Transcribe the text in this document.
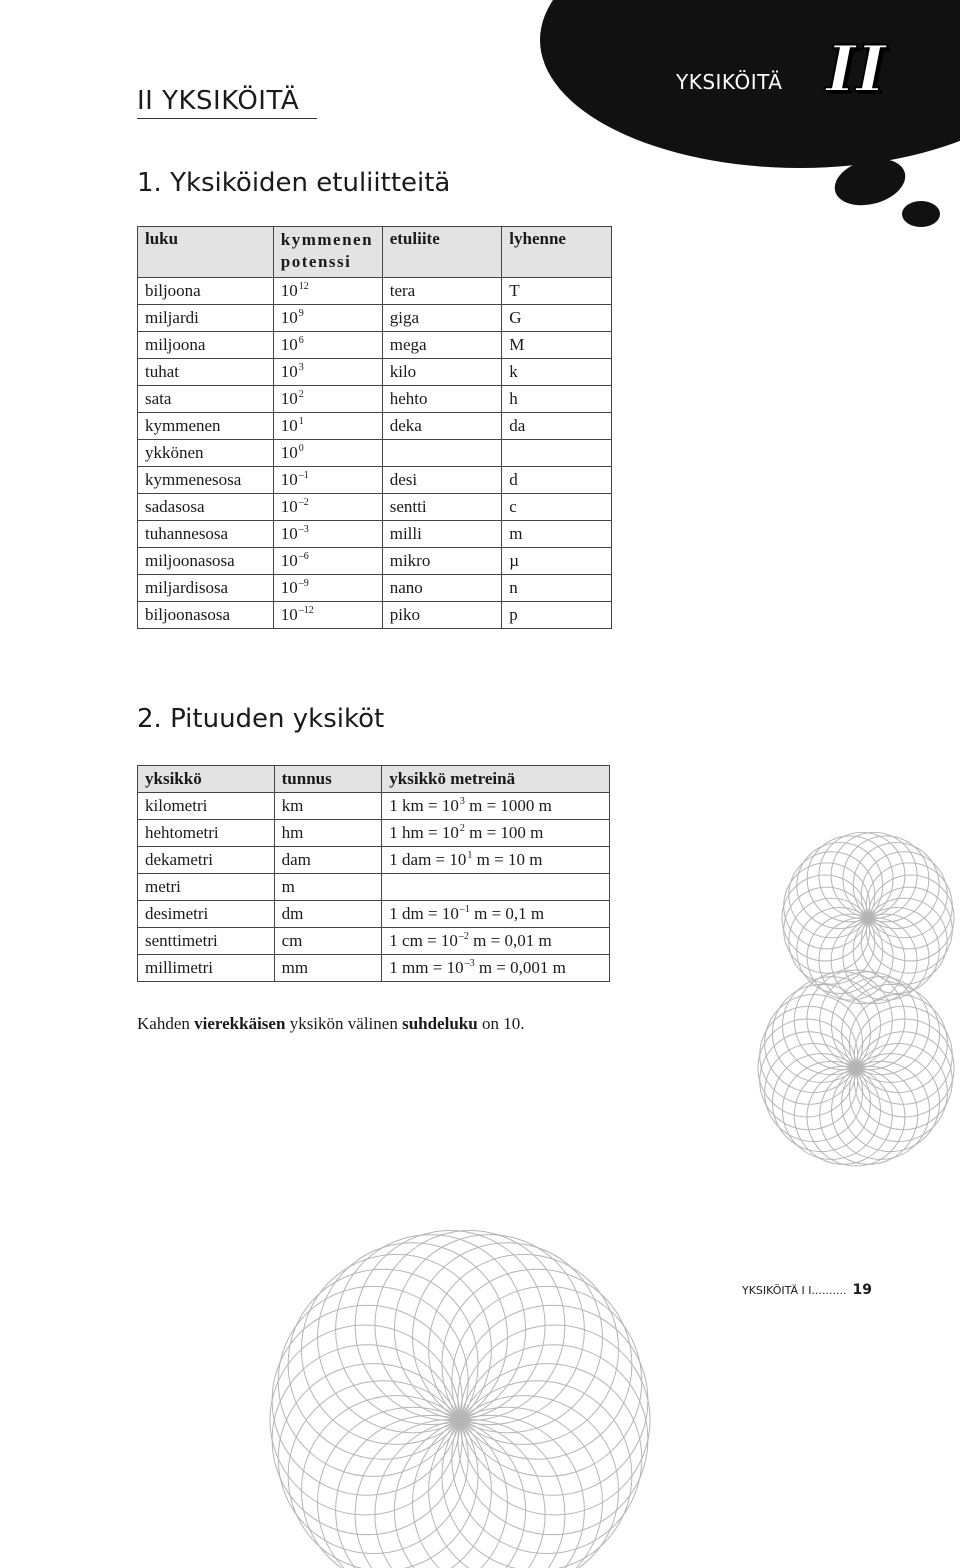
YKSIKÖITÄ II
II YKSIKÖITÄ
1. Yksiköiden etuliitteitä
luku	kymmenen potenssi	etuliite	lyhenne
biljoona	$10^{12}$	tera	T
miljardi	$10^9$	giga	G
miljoona	$10^6$	mega	M
tuhat	$10^3$	kilo	k
sata	$10^2$	hehto	h
kymmenen	$10^1$	deka	da
ykkönen	$10^0$		
kymmenesosa	$10^{-1}$	desi	d
sadasosa	$10^{-2}$	sentti	c
tuhannesosa	$10^{-3}$	milli	m
miljoonasosa	$10^{-6}$	mikro	µ
miljardisosa	$10^{-9}$	nano	n
biljoonasosa	$10^{-12}$	piko	p
2. Pituuden yksiköt
yksikkö	tunnus	yksikkö metreinä
kilometri	km	1 km = $10^3$ m = 1000 m
hehtometri	hm	1 hm = $10^2$ m = 100 m
dekametri	dam	1 dam = $10^1$ m = 10 m
metri	m	
desimetri	dm	1 dm = $10^{-1}$ m = 0,1 m
senttimetri	cm	1 cm = $10^{-2}$ m = 0,01 m
millimetri	mm	1 mm = $10^{-3}$ m = 0,001 m
Kahden vierekkäisen yksikön välinen suhdeluku on 10.
YKSIKÖITÄ I I.......... 19
